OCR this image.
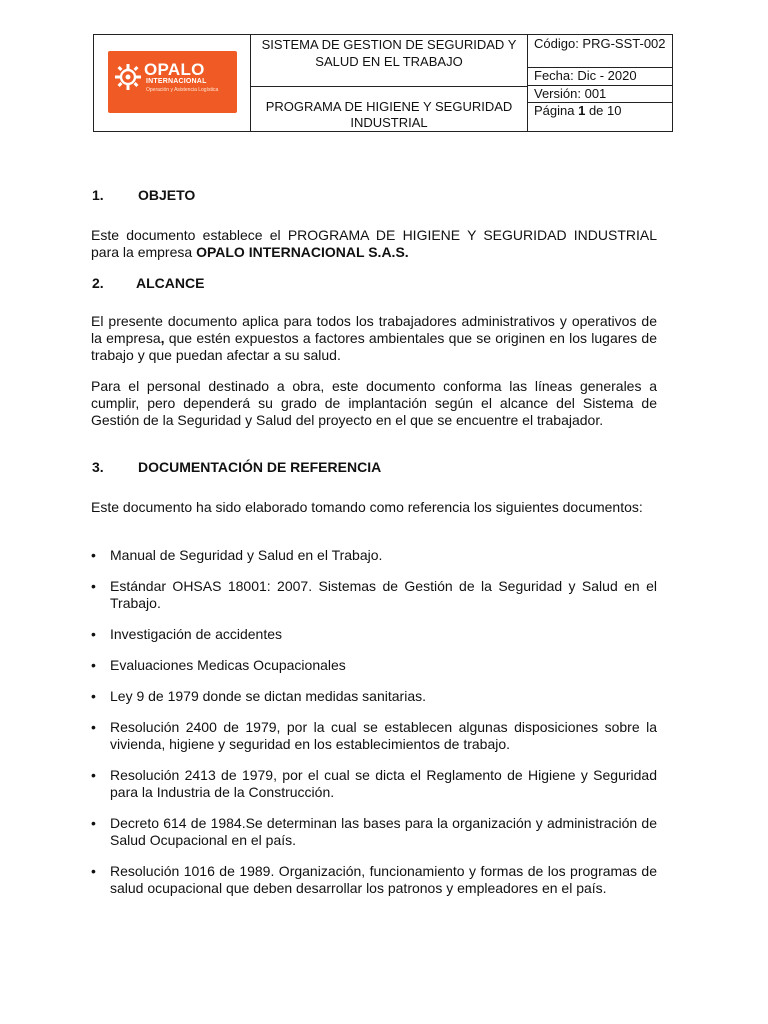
OPALO
INTERNACIONAL
Operación y Asistencia Logística
SISTEMA DE GESTION DE SEGURIDAD Y SALUD EN EL TRABAJO
PROGRAMA DE HIGIENE Y SEGURIDAD INDUSTRIAL
Código: PRG-SST-002
Fecha: Dic - 2020
Versión: 001
Página 1 de 10
1. OBJETO
Este documento establece el PROGRAMA DE HIGIENE Y SEGURIDAD INDUSTRIAL para la empresa OPALO INTERNACIONAL S.A.S.
2. ALCANCE
El presente documento aplica para todos los trabajadores administrativos y operativos de la empresa, que estén expuestos a factores ambientales que se originen en los lugares de trabajo y que puedan afectar a su salud.
Para el personal destinado a obra, este documento conforma las líneas generales a cumplir, pero dependerá su grado de implantación según el alcance del Sistema de Gestión de la Seguridad y Salud del proyecto en el que se encuentre el trabajador.
3. DOCUMENTACIÓN DE REFERENCIA
Este documento ha sido elaborado tomando como referencia los siguientes documentos:
•	Manual de Seguridad y Salud en el Trabajo.
•	Estándar OHSAS 18001: 2007. Sistemas de Gestión de la Seguridad y Salud en el Trabajo.
•	Investigación de accidentes
•	Evaluaciones Medicas Ocupacionales
•	Ley 9 de 1979 donde se dictan medidas sanitarias.
•	Resolución 2400 de 1979, por la cual se establecen algunas disposiciones sobre la vivienda, higiene y seguridad en los establecimientos de trabajo.
•	Resolución 2413 de 1979, por el cual se dicta el Reglamento de Higiene y Seguridad para la Industria de la Construcción.
•	Decreto 614 de 1984.Se determinan las bases para la organización y administración de Salud Ocupacional en el país.
•	Resolución 1016 de 1989. Organización, funcionamiento y formas de los programas de salud ocupacional que deben desarrollar los patronos y empleadores en el país.
